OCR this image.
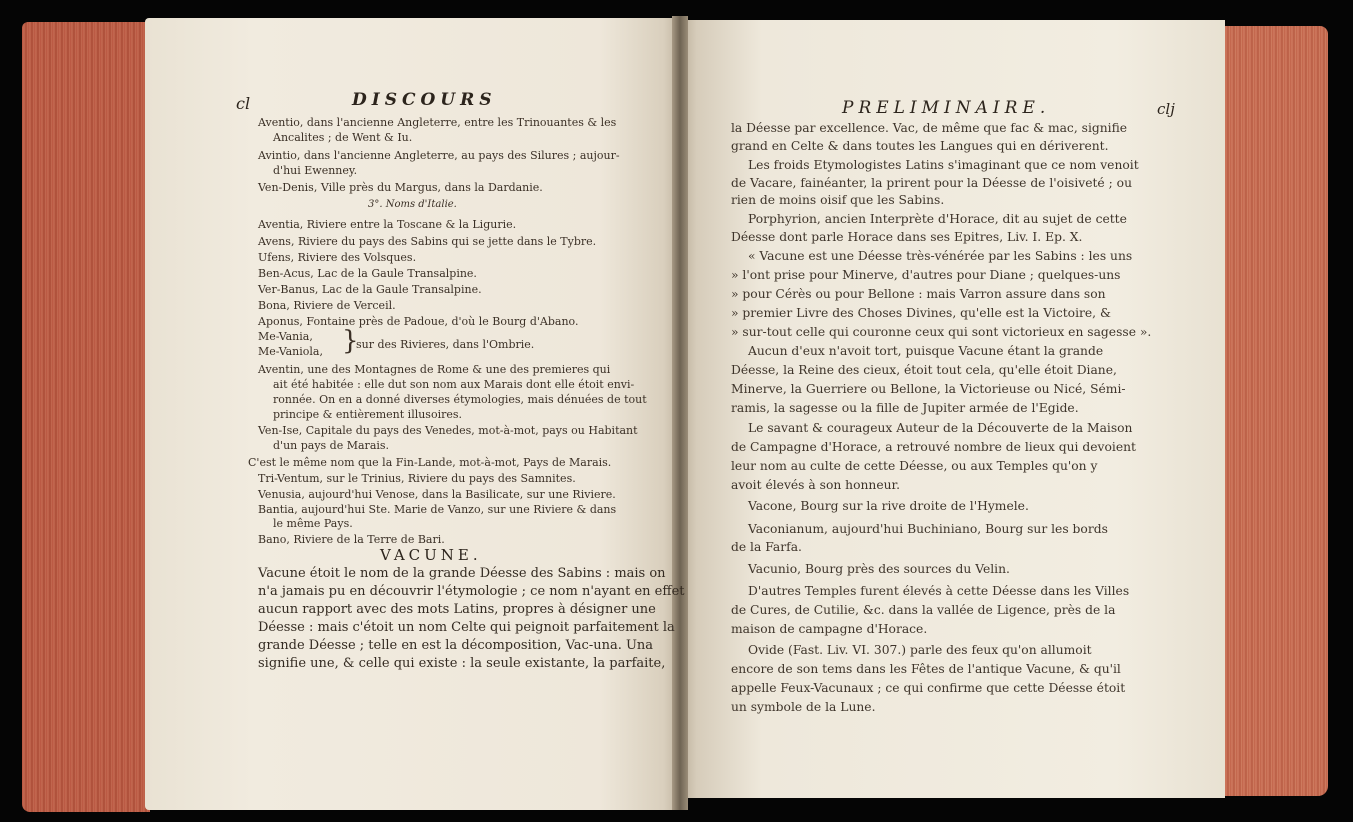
cl	DISCOURS
Aventio, dans l'ancienne Angleterre, entre les Trinouantes & les
Ancalites ; de Went & Iu.
Avintio, dans l'ancienne Angleterre, au pays des Silures ; aujour-
d'hui Ewenney.
Ven-Denis, Ville près du Margus, dans la Dardanie.
3°. Noms d'Italie.
Aventia, Riviere entre la Toscane & la Ligurie.
Avens, Riviere du pays des Sabins qui se jette dans le Tybre.
Ufens, Riviere des Volsques.
Ben-Acus, Lac de la Gaule Transalpine.
Ver-Banus, Lac de la Gaule Transalpine.
Bona, Riviere de Verceil.
Aponus, Fontaine près de Padoue, d'où le Bourg d'Abano.
Me-Vania,
Me-Vaniola, }
sur des Rivieres, dans l'Ombrie.
Aventin, une des Montagnes de Rome & une des premieres qui
ait été habitée : elle dut son nom aux Marais dont elle étoit envi-
ronnée. On en a donné diverses étymologies, mais dénuées de tout
principe & entièrement illusoires.
Ven-Ise, Capitale du pays des Venedes, mot-à-mot, pays ou Habitant
d'un pays de Marais.
C'est le même nom que la Fin-Lande, mot-à-mot, Pays de Marais.
Tri-Ventum, sur le Trinius, Riviere du pays des Samnites.
Venusia, aujourd'hui Venose, dans la Basilicate, sur une Riviere.
Bantia, aujourd'hui Ste. Marie de Vanzo, sur une Riviere & dans
le même Pays.
Bano, Riviere de la Terre de Bari.
VACUNE.
Vacune étoit le nom de la grande Déesse des Sabins : mais on
n'a jamais pu en découvrir l'étymologie ; ce nom n'ayant en effet
aucun rapport avec des mots Latins, propres à désigner une
Déesse : mais c'étoit un nom Celte qui peignoit parfaitement la
grande Déesse ; telle en est la décomposition, Vac-una. Una
signifie une, & celle qui existe : la seule existante, la parfaite,
PRELIMINAIRE.	clj
la Déesse par excellence. Vac, de même que fac & mac, signifie
grand en Celte & dans toutes les Langues qui en dériverent.
Les froids Etymologistes Latins s'imaginant que ce nom venoit
de Vacare, fainéanter, la prirent pour la Déesse de l'oisiveté ; ou
rien de moins oisif que les Sabins.
Porphyrion, ancien Interprète d'Horace, dit au sujet de cette
Déesse dont parle Horace dans ses Epitres, Liv. I. Ep. X.
« Vacune est une Déesse très-vénérée par les Sabins : les uns
» l'ont prise pour Minerve, d'autres pour Diane ; quelques-uns
» pour Cérès ou pour Bellone : mais Varron assure dans son
» premier Livre des Choses Divines, qu'elle est la Victoire, &
» sur-tout celle qui couronne ceux qui sont victorieux en sagesse ».
Aucun d'eux n'avoit tort, puisque Vacune étant la grande
Déesse, la Reine des cieux, étoit tout cela, qu'elle étoit Diane,
Minerve, la Guerriere ou Bellone, la Victorieuse ou Nicé, Sémi-
ramis, la sagesse ou la fille de Jupiter armée de l'Egide.
Le savant & courageux Auteur de la Découverte de la Maison
de Campagne d'Horace, a retrouvé nombre de lieux qui devoient
leur nom au culte de cette Déesse, ou aux Temples qu'on y
avoit élevés à son honneur.
Vacone, Bourg sur la rive droite de l'Hymele.
Vaconianum, aujourd'hui Buchiniano, Bourg sur les bords
de la Farfa.
Vacunio, Bourg près des sources du Velin.
D'autres Temples furent élevés à cette Déesse dans les Villes
de Cures, de Cutilie, &c. dans la vallée de Ligence, près de la
maison de campagne d'Horace.
Ovide (Fast. Liv. VI. 307.) parle des feux qu'on allumoit
encore de son tems dans les Fêtes de l'antique Vacune, & qu'il
appelle Feux-Vacunaux ; ce qui confirme que cette Déesse étoit
un symbole de la Lune.
